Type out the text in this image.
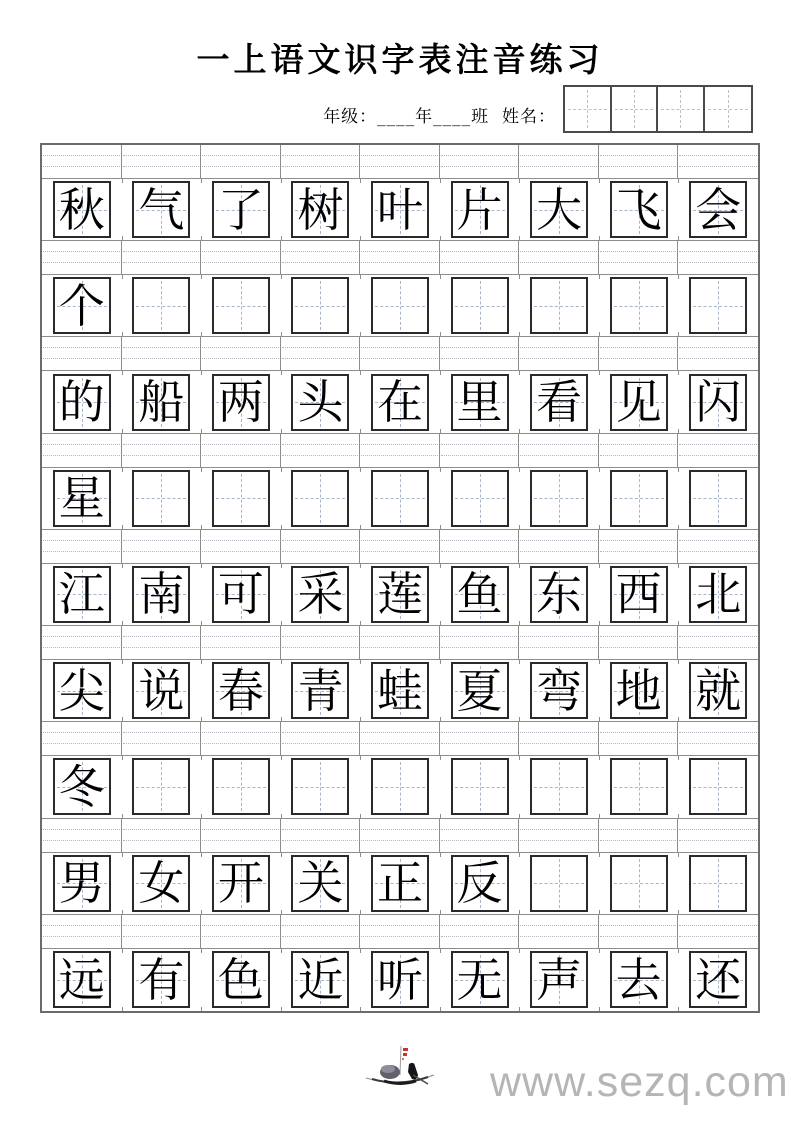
一上语文识字表注音练习
年级：____年____班  姓名：
秋 气 了 树 叶 片 大 飞 会
个
的 船 两 头 在 里 看 见 闪
星
江 南 可 采 莲 鱼 东 西 北
尖 说 春 青 蛙 夏 弯 地 就
冬
男 女 开 关 正 反
远 有 色 近 听 无 声 去 还
www.sezq.com
